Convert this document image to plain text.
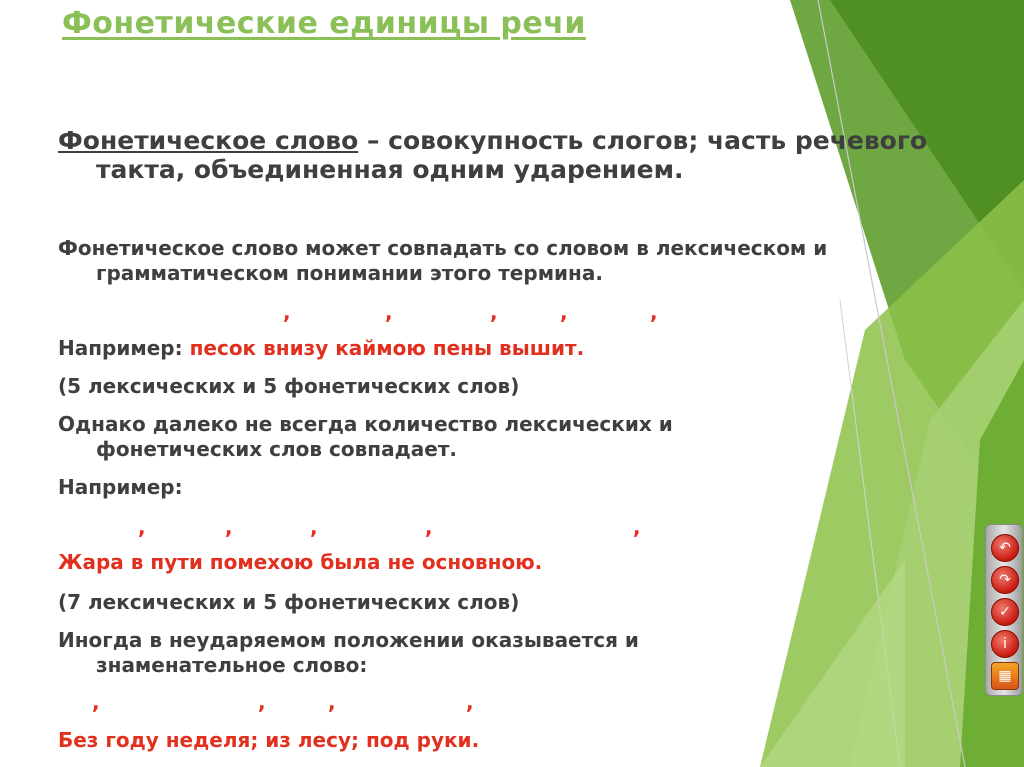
Фонетические единицы речи
Фонетическое слово – совокупность слогов; часть речевого такта, объединенная одним ударением.
Фонетическое слово может совпадать со словом в лексическом и грамматическом понимании этого термина.
,	,	,	,	,
Например: песок внизу каймою пены вышит.
(5 лексических и 5 фонетических слов)
Однако далеко не всегда количество лексических и
фонетических слов совпадает.
Например:
,	,	,	,	,
Жара в пути помехою была не основною.
(7 лексических и 5 фонетических слов)
Иногда в неударяемом положении оказывается и
знаменательное слово:
,	,	,	,
Без году неделя; из лесу; под руки.
↶
↷
✓
i
▦
